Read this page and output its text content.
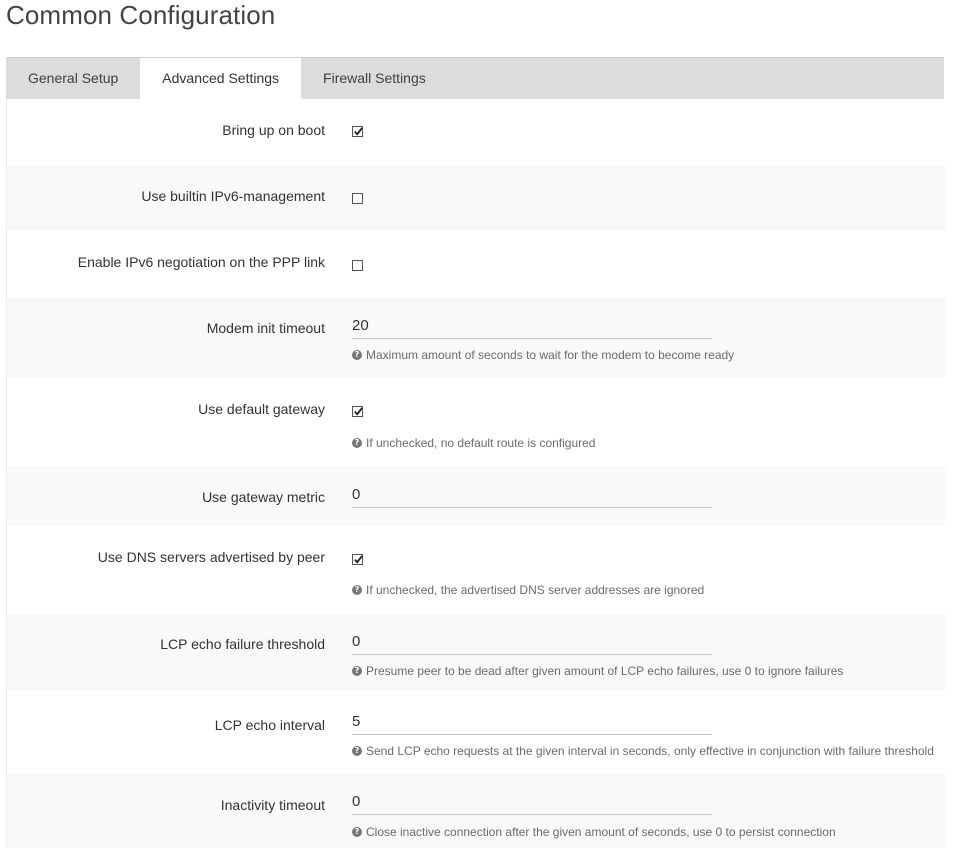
Common Configuration
General Setup	Advanced Settings	Firewall Settings
Bring up on boot
Use builtin IPv6-management
Enable IPv6 negotiation on the PPP link
Modem init timeout 20
? Maximum amount of seconds to wait for the modem to become ready
Use default gateway
? If unchecked, no default route is configured
Use gateway metric 0
Use DNS servers advertised by peer
? If unchecked, the advertised DNS server addresses are ignored
LCP echo failure threshold 0
? Presume peer to be dead after given amount of LCP echo failures, use 0 to ignore failures
LCP echo interval 5
? Send LCP echo requests at the given interval in seconds, only effective in conjunction with failure threshold
Inactivity timeout 0
? Close inactive connection after the given amount of seconds, use 0 to persist connection
